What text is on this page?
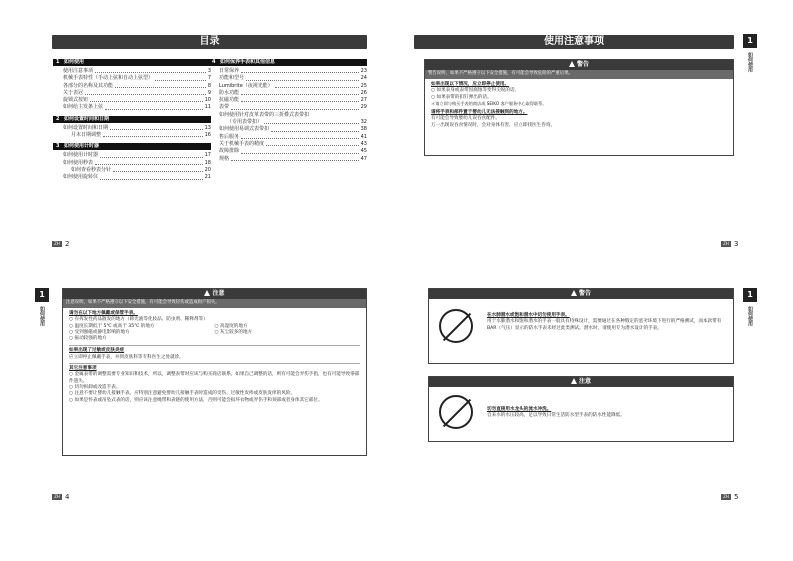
目录
1 如何使用
使用注意事项	3
机械手表特性（手动上弦和自动上弦型）	7
各部分的名称及其功能	8
关于表冠	9
旋锁式按钮	10
如何给主发条上弦	11
2 如何设置时间和日期
如何设置时间和日期	13
月末日期调整	16
3 如何使用计时器
如何使用计时器	17
如何使用秒表	18
如何查看秒表分针	20
如何使用旋转仪	21
4 如何保养手表和其他信息
日常保养	23
功能和型号	24
Lumibrite（夜视光能）	25
防水功能	26
抗磁功能	27
表带	29
如何使用针对皮革表带的三折叠式表带扣
（专用表带扣）	32
如何使用易调式表带扣	38
售后服务	41
关于机械手表的精度	43
故障排除	45
规格	47
ZH 2
使用注意事项	1
如何使用
警告
警告说明，如果不严格遵守以下安全措施，有可能会导致危险的严重后果。
如果出现以下情况，应立即停止使用。
○ 如果表身或表带因腐蚀等变得尖锐的话。
○ 如果表带的扣钉弹出的话。
＊请立即与购买手表的商店或 SEIKO 客户服务中心取得联系。
请将手表和部件置于婴幼儿无法接触到的地方。
有可能会导致婴幼儿误吞食配件。
万一出现误吞食情况时，会对身体有害，应立即找医生咨询。
ZH 3
1
如何使用
注意
注意说明，如果不严格遵守以下安全措施，有可能会导致轻伤或造成财产损失。
请勿在以下地方佩戴或保管手表。
○ 有挥发性药品散发的地方（除光液等化妆品、防虫剂、稀释剂等）
○ 温度长期低于 5℃ 或高于 35℃ 的地方	○ 高湿度的地方
○ 受到强磁或静电影响的地方	○ 灰尘较多的地方
○ 振动较强的地方
如果出现了过敏或皮肤炎症
应立即停止佩戴手表，并到皮肤科等专科医生之处就诊。
其它注意事项
○ 金属表带的调整需要专业知识和技术，所以，调整表带时应该与购买商店联系。如果自己调整的话，则有可能会弄伤手指，也有可能导致零部件遗失。
○ 切勿拆卸或改造手表。
○ 注意不要让婴幼儿接触手表。应特别注意避免婴幼儿接触手表时造成的受伤、过敏性皮疹或皮肤发痒的风险。
○ 如果是怀表或吊坠式表的话，则应该注意绳带和表链的使用方法，否则可能会损坏衣物或弄伤手和颈部或者身体其它部位。
ZH 4
1
如何使用
警告
在水肺潜水或饱和潜水中切勿使用手表。
用于水肺潜水和饱和潜水的手表一般具有特殊设计，需要通过在各种假定的恶劣环境下进行的严格测试，而本款带有 BAR（气压）显示的防水手表未经过此类测试。潜水时，请使用专为潜水设计的手表。
注意
切勿直接用水龙头的流水冲洗。
自来水的水压较高，足以导致日常生活防水型手表的防水性能降低。
ZH 5
